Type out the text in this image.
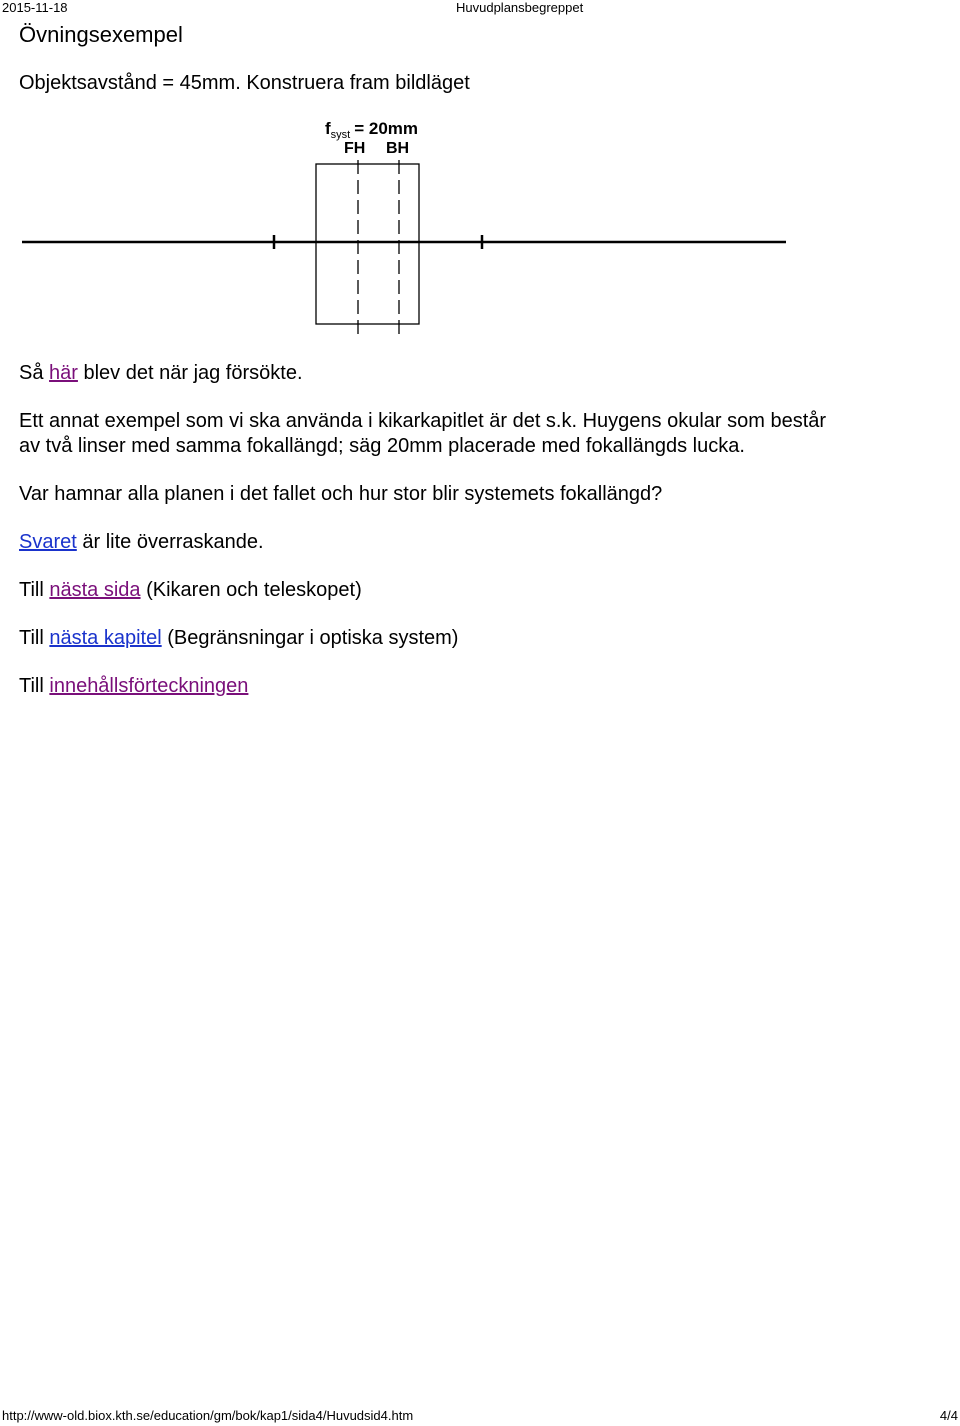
2015-11-18	Huvudplansbegreppet
Övningsexempel

Objektsavstånd = 45mm. Konstruera fram bildläget

Så här blev det när jag försökte.

Ett annat exempel som vi ska använda i kikarkapitlet är det s.k. Huygens okular som består

av två linser med samma fokallängd; säg 20mm placerade med fokallängds lucka.

Var hamnar alla planen i det fallet och hur stor blir systemets fokallängd?

Svaret är lite överraskande.

Till nästa sida (Kikaren och teleskopet)

Till nästa kapitel (Begränsningar i optiska system)

Till innehållsförteckningen

$f_{syst} = 20mm$
FH BH
http://www-old.biox.kth.se/education/gm/bok/kap1/sida4/Huvudsid4.htm	4/4
